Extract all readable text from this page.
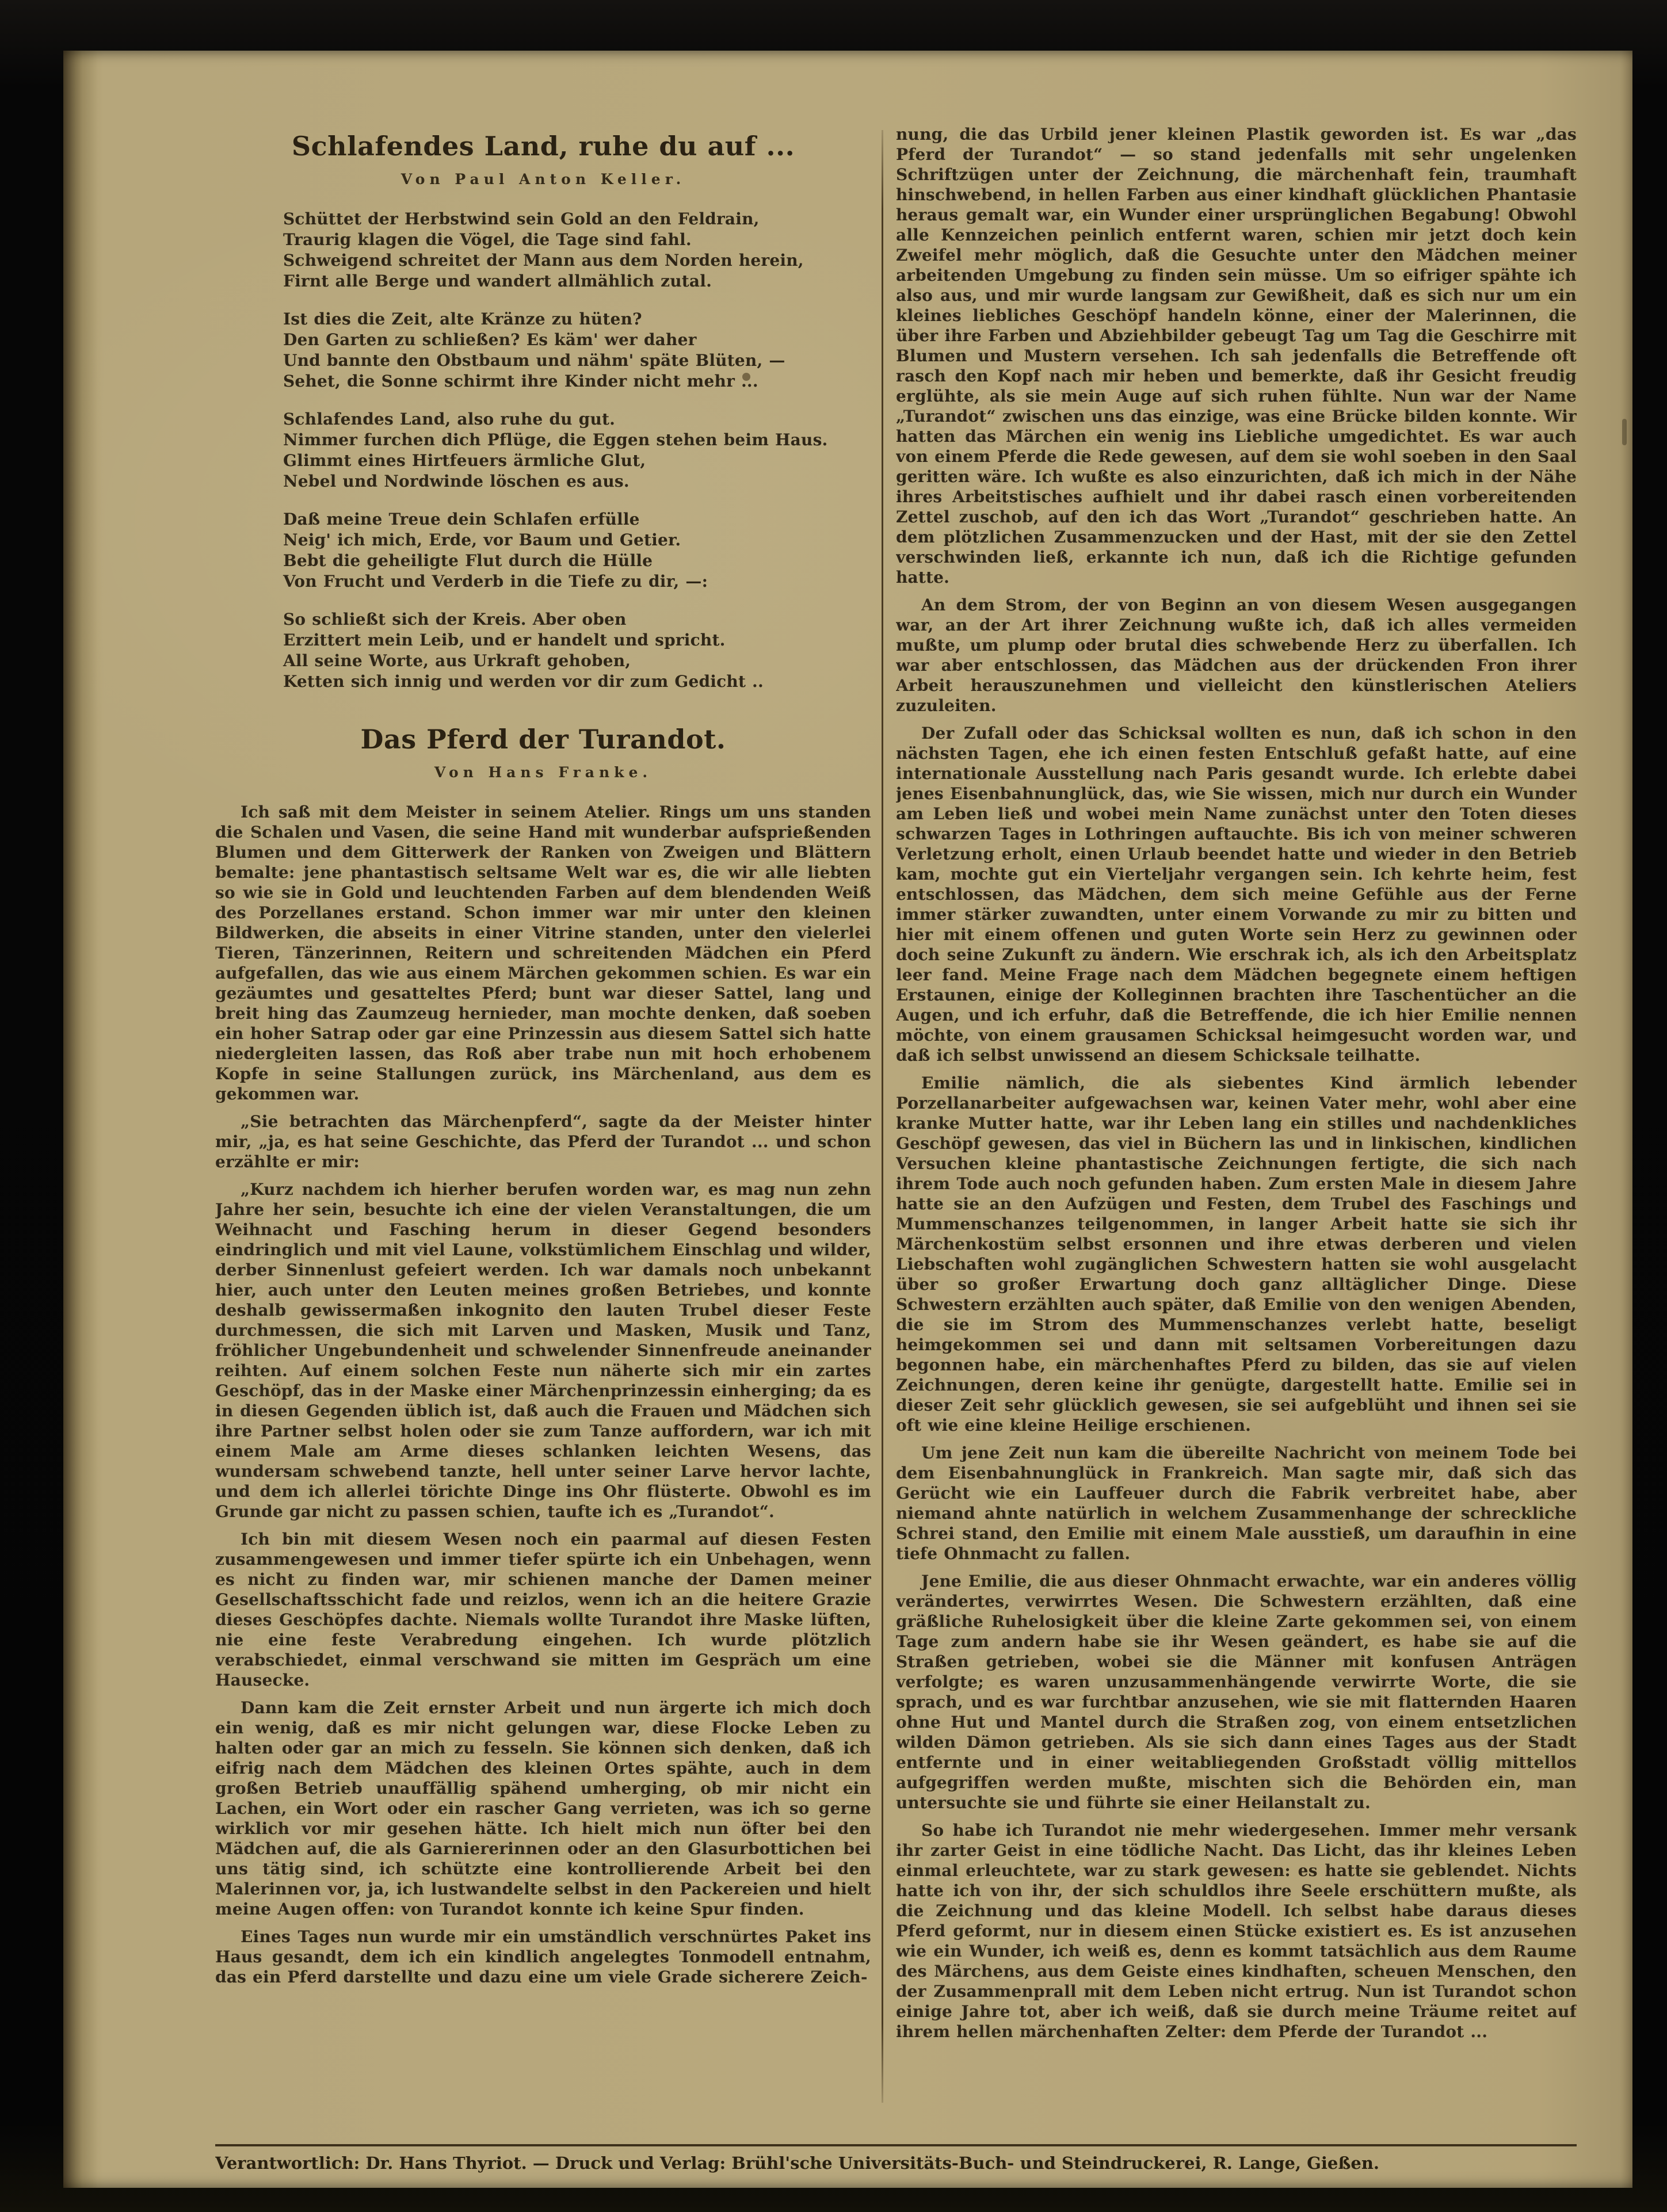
Schlafendes Land, ruhe du auf ...
Von Paul Anton Keller.
Schüttet der Herbstwind sein Gold an den Feldrain,
Traurig klagen die Vögel, die Tage sind fahl.
Schweigend schreitet der Mann aus dem Norden herein,
Firnt alle Berge und wandert allmählich zutal.
Ist dies die Zeit, alte Kränze zu hüten?
Den Garten zu schließen? Es käm' wer daher
Und bannte den Obstbaum und nähm' späte Blüten, —
Sehet, die Sonne schirmt ihre Kinder nicht mehr ...
Schlafendes Land, also ruhe du gut.
Nimmer furchen dich Pflüge, die Eggen stehen beim Haus.
Glimmt eines Hirtfeuers ärmliche Glut,
Nebel und Nordwinde löschen es aus.
Daß meine Treue dein Schlafen erfülle
Neig' ich mich, Erde, vor Baum und Getier.
Bebt die geheiligte Flut durch die Hülle
Von Frucht und Verderb in die Tiefe zu dir, —:
So schließt sich der Kreis. Aber oben
Erzittert mein Leib, und er handelt und spricht.
All seine Worte, aus Urkraft gehoben,
Ketten sich innig und werden vor dir zum Gedicht ..
Das Pferd der Turandot.
Von Hans Franke.

Ich saß mit dem Meister in seinem Atelier. Rings um uns standen die Schalen und Vasen, die seine Hand mit wunderbar aufsprießenden Blumen und dem Gitterwerk der Ranken von Zweigen und Blättern bemalte: jene phantastisch seltsame Welt war es, die wir alle liebten so wie sie in Gold und leuchtenden Farben auf dem blendenden Weiß des Porzellanes erstand. Schon immer war mir unter den kleinen Bildwerken, die abseits in einer Vitrine standen, unter den vielerlei Tieren, Tänzerinnen, Reitern und schreitenden Mädchen ein Pferd aufgefallen, das wie aus einem Märchen gekommen schien. Es war ein gezäumtes und gesatteltes Pferd; bunt war dieser Sattel, lang und breit hing das Zaumzeug hernieder, man mochte denken, daß soeben ein hoher Satrap oder gar eine Prinzessin aus diesem Sattel sich hatte niedergleiten lassen, das Roß aber trabe nun mit hoch erhobenem Kopfe in seine Stallungen zurück, ins Märchenland, aus dem es gekommen war.

„Sie betrachten das Märchenpferd“, sagte da der Meister hinter mir, „ja, es hat seine Geschichte, das Pferd der Turandot ... und schon erzählte er mir:

„Kurz nachdem ich hierher berufen worden war, es mag nun zehn Jahre her sein, besuchte ich eine der vielen Veranstaltungen, die um Weihnacht und Fasching herum in dieser Gegend besonders eindringlich und mit viel Laune, volkstümlichem Einschlag und wilder, derber Sinnenlust gefeiert werden. Ich war damals noch unbekannt hier, auch unter den Leuten meines großen Betriebes, und konnte deshalb gewissermaßen inkognito den lauten Trubel dieser Feste durchmessen, die sich mit Larven und Masken, Musik und Tanz, fröhlicher Ungebundenheit und schwelender Sinnenfreude aneinander reihten. Auf einem solchen Feste nun näherte sich mir ein zartes Geschöpf, das in der Maske einer Märchenprinzessin einherging; da es in diesen Gegenden üblich ist, daß auch die Frauen und Mädchen sich ihre Partner selbst holen oder sie zum Tanze auffordern, war ich mit einem Male am Arme dieses schlanken leichten Wesens, das wundersam schwebend tanzte, hell unter seiner Larve hervor lachte, und dem ich allerlei törichte Dinge ins Ohr flüsterte. Obwohl es im Grunde gar nicht zu passen schien, taufte ich es „Turandot“.

Ich bin mit diesem Wesen noch ein paarmal auf diesen Festen zusammengewesen und immer tiefer spürte ich ein Unbehagen, wenn es nicht zu finden war, mir schienen manche der Damen meiner Gesellschaftsschicht fade und reizlos, wenn ich an die heitere Grazie dieses Geschöpfes dachte. Niemals wollte Turandot ihre Maske lüften, nie eine feste Verabredung eingehen. Ich wurde plötzlich verabschiedet, einmal verschwand sie mitten im Gespräch um eine Hausecke.

Dann kam die Zeit ernster Arbeit und nun ärgerte ich mich doch ein wenig, daß es mir nicht gelungen war, diese Flocke Leben zu halten oder gar an mich zu fesseln. Sie können sich denken, daß ich eifrig nach dem Mädchen des kleinen Ortes spähte, auch in dem großen Betrieb unauffällig spähend umherging, ob mir nicht ein Lachen, ein Wort oder ein rascher Gang verrieten, was ich so gerne wirklich vor mir gesehen hätte. Ich hielt mich nun öfter bei den Mädchen auf, die als Garniererinnen oder an den Glasurbottichen bei uns tätig sind, ich schützte eine kontrollierende Arbeit bei den Malerinnen vor, ja, ich lustwandelte selbst in den Packereien und hielt meine Augen offen: von Turandot konnte ich keine Spur finden.

Eines Tages nun wurde mir ein umständlich verschnürtes Paket ins Haus gesandt, dem ich ein kindlich angelegtes Tonmodell entnahm, das ein Pferd darstellte und dazu eine um viele Grade sicherere Zeich-

nung, die das Urbild jener kleinen Plastik geworden ist. Es war „das Pferd der Turandot“ — so stand jedenfalls mit sehr ungelenken Schriftzügen unter der Zeichnung, die märchenhaft fein, traumhaft hinschwebend, in hellen Farben aus einer kindhaft glücklichen Phantasie heraus gemalt war, ein Wunder einer ursprünglichen Begabung! Obwohl alle Kennzeichen peinlich entfernt waren, schien mir jetzt doch kein Zweifel mehr möglich, daß die Gesuchte unter den Mädchen meiner arbeitenden Umgebung zu finden sein müsse. Um so eifriger spähte ich also aus, und mir wurde langsam zur Gewißheit, daß es sich nur um ein kleines liebliches Geschöpf handeln könne, einer der Malerinnen, die über ihre Farben und Abziehbilder gebeugt Tag um Tag die Geschirre mit Blumen und Mustern versehen. Ich sah jedenfalls die Betreffende oft rasch den Kopf nach mir heben und bemerkte, daß ihr Gesicht freudig erglühte, als sie mein Auge auf sich ruhen fühlte. Nun war der Name „Turandot“ zwischen uns das einzige, was eine Brücke bilden konnte. Wir hatten das Märchen ein wenig ins Liebliche umgedichtet. Es war auch von einem Pferde die Rede gewesen, auf dem sie wohl soeben in den Saal geritten wäre. Ich wußte es also einzurichten, daß ich mich in der Nähe ihres Arbeitstisches aufhielt und ihr dabei rasch einen vorbereitenden Zettel zuschob, auf den ich das Wort „Turandot“ geschrieben hatte. An dem plötzlichen Zusammenzucken und der Hast, mit der sie den Zettel verschwinden ließ, erkannte ich nun, daß ich die Richtige gefunden hatte.

An dem Strom, der von Beginn an von diesem Wesen ausgegangen war, an der Art ihrer Zeichnung wußte ich, daß ich alles vermeiden mußte, um plump oder brutal dies schwebende Herz zu überfallen. Ich war aber entschlossen, das Mädchen aus der drückenden Fron ihrer Arbeit herauszunehmen und vielleicht den künstlerischen Ateliers zuzuleiten.

Der Zufall oder das Schicksal wollten es nun, daß ich schon in den nächsten Tagen, ehe ich einen festen Entschluß gefaßt hatte, auf eine internationale Ausstellung nach Paris gesandt wurde. Ich erlebte dabei jenes Eisenbahnunglück, das, wie Sie wissen, mich nur durch ein Wunder am Leben ließ und wobei mein Name zunächst unter den Toten dieses schwarzen Tages in Lothringen auftauchte. Bis ich von meiner schweren Verletzung erholt, einen Urlaub beendet hatte und wieder in den Betrieb kam, mochte gut ein Vierteljahr vergangen sein. Ich kehrte heim, fest entschlossen, das Mädchen, dem sich meine Gefühle aus der Ferne immer stärker zuwandten, unter einem Vorwande zu mir zu bitten und hier mit einem offenen und guten Worte sein Herz zu gewinnen oder doch seine Zukunft zu ändern. Wie erschrak ich, als ich den Arbeitsplatz leer fand. Meine Frage nach dem Mädchen begegnete einem heftigen Erstaunen, einige der Kolleginnen brachten ihre Taschentücher an die Augen, und ich erfuhr, daß die Betreffende, die ich hier Emilie nennen möchte, von einem grausamen Schicksal heimgesucht worden war, und daß ich selbst unwissend an diesem Schicksale teilhatte.

Emilie nämlich, die als siebentes Kind ärmlich lebender Porzellanarbeiter aufgewachsen war, keinen Vater mehr, wohl aber eine kranke Mutter hatte, war ihr Leben lang ein stilles und nachdenkliches Geschöpf gewesen, das viel in Büchern las und in linkischen, kindlichen Versuchen kleine phantastische Zeichnungen fertigte, die sich nach ihrem Tode auch noch gefunden haben. Zum ersten Male in diesem Jahre hatte sie an den Aufzügen und Festen, dem Trubel des Faschings und Mummenschanzes teilgenommen, in langer Arbeit hatte sie sich ihr Märchenkostüm selbst ersonnen und ihre etwas derberen und vielen Liebschaften wohl zugänglichen Schwestern hatten sie wohl ausgelacht über so großer Erwartung doch ganz alltäglicher Dinge. Diese Schwestern erzählten auch später, daß Emilie von den wenigen Abenden, die sie im Strom des Mummenschanzes verlebt hatte, beseligt heimgekommen sei und dann mit seltsamen Vorbereitungen dazu begonnen habe, ein märchenhaftes Pferd zu bilden, das sie auf vielen Zeichnungen, deren keine ihr genügte, dargestellt hatte. Emilie sei in dieser Zeit sehr glücklich gewesen, sie sei aufgeblüht und ihnen sei sie oft wie eine kleine Heilige erschienen.

Um jene Zeit nun kam die übereilte Nachricht von meinem Tode bei dem Eisenbahnunglück in Frankreich. Man sagte mir, daß sich das Gerücht wie ein Lauffeuer durch die Fabrik verbreitet habe, aber niemand ahnte natürlich in welchem Zusammenhange der schreckliche Schrei stand, den Emilie mit einem Male ausstieß, um daraufhin in eine tiefe Ohnmacht zu fallen.

Jene Emilie, die aus dieser Ohnmacht erwachte, war ein anderes völlig verändertes, verwirrtes Wesen. Die Schwestern erzählten, daß eine gräßliche Ruhelosigkeit über die kleine Zarte gekommen sei, von einem Tage zum andern habe sie ihr Wesen geändert, es habe sie auf die Straßen getrieben, wobei sie die Männer mit konfusen Anträgen verfolgte; es waren unzusammenhängende verwirrte Worte, die sie sprach, und es war furchtbar anzusehen, wie sie mit flatternden Haaren ohne Hut und Mantel durch die Straßen zog, von einem entsetzlichen wilden Dämon getrieben. Als sie sich dann eines Tages aus der Stadt entfernte und in einer weitabliegenden Großstadt völlig mittellos aufgegriffen werden mußte, mischten sich die Behörden ein, man untersuchte sie und führte sie einer Heilanstalt zu.

So habe ich Turandot nie mehr wiedergesehen. Immer mehr versank ihr zarter Geist in eine tödliche Nacht. Das Licht, das ihr kleines Leben einmal erleuchtete, war zu stark gewesen: es hatte sie geblendet. Nichts hatte ich von ihr, der sich schuldlos ihre Seele erschüttern mußte, als die Zeichnung und das kleine Modell. Ich selbst habe daraus dieses Pferd geformt, nur in diesem einen Stücke existiert es. Es ist anzusehen wie ein Wunder, ich weiß es, denn es kommt tatsächlich aus dem Raume des Märchens, aus dem Geiste eines kindhaften, scheuen Menschen, den der Zusammenprall mit dem Leben nicht ertrug. Nun ist Turandot schon einige Jahre tot, aber ich weiß, daß sie durch meine Träume reitet auf ihrem hellen märchenhaften Zelter: dem Pferde der Turandot ...

Verantwortlich: Dr. Hans Thyriot. — Druck und Verlag: Brühl'sche Universitäts-Buch- und Steindruckerei, R. Lange, Gießen.
